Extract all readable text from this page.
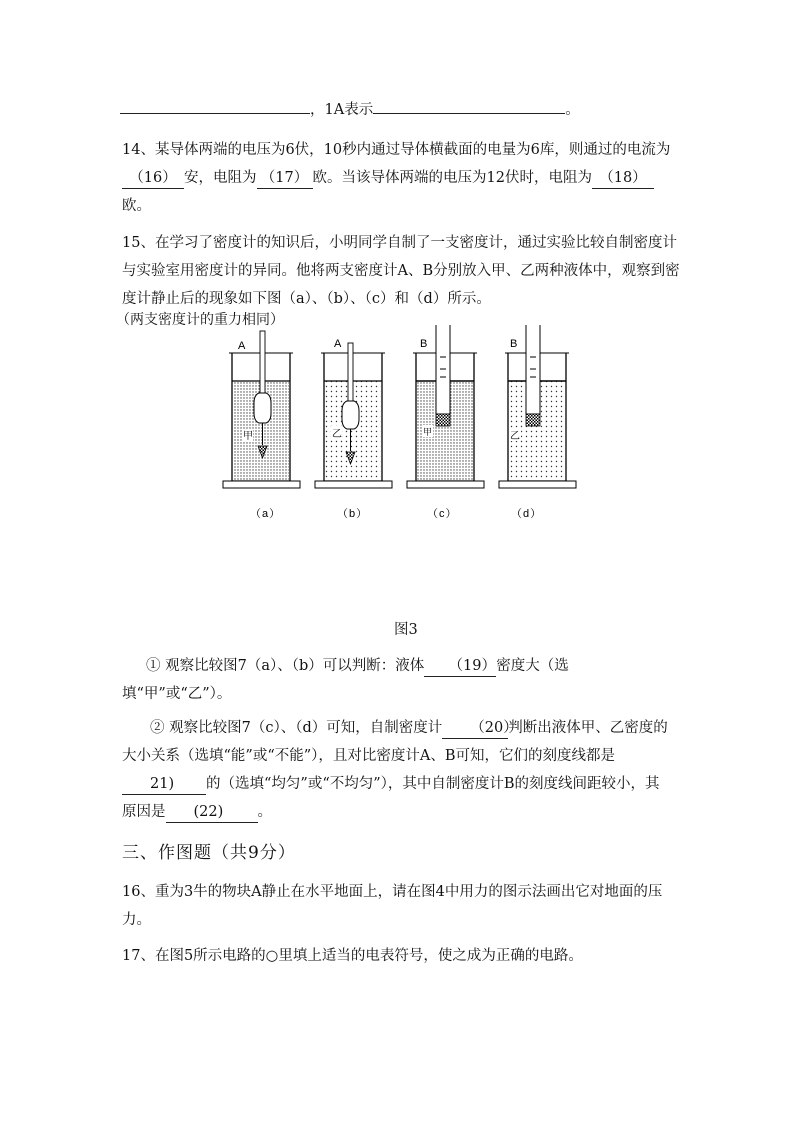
，1A表示	。

14、某导体两端的电压为6伏，10秒内通过导体横截面的电量为6库，则通过的电流为（16） 安，电阻为 （17） 欧。当该导体两端的电压为12伏时，电阻为 （18）欧。

15、在学习了密度计的知识后，小明同学自制了一支密度计，通过实验比较自制密度计与实验室用密度计的异同。他将两支密度计A、B分别放入甲、乙两种液体中，观察到密度计静止后的现象如下图（a）、（b）、（c）和（d）所示。

（两支密度计的重力相同）
A
甲
A
乙
B
甲
B
乙
（a）	（b）	（c）	（d）
图3

① 观察比较图7（a）、（b）可以判断：液体 （19）密度大（选填“甲”或“乙”）。

② 观察比较图7（c）、（d）可知，自制密度计 （20）判断出液体甲、乙密度的大小关系（选填“能”或“不能”），且对比密度计A、B可知，它们的刻度线都是21) 的（选填“均匀”或“不均匀”），其中自制密度计B的刻度线间距较小，其原因是 (22) 。

三、作图题（共9分）

16、重为3牛的物块A静止在水平地面上，请在图4中用力的图示法画出它对地面的压力。

17、在图5所示电路的○里填上适当的电表符号，使之成为正确的电路。
